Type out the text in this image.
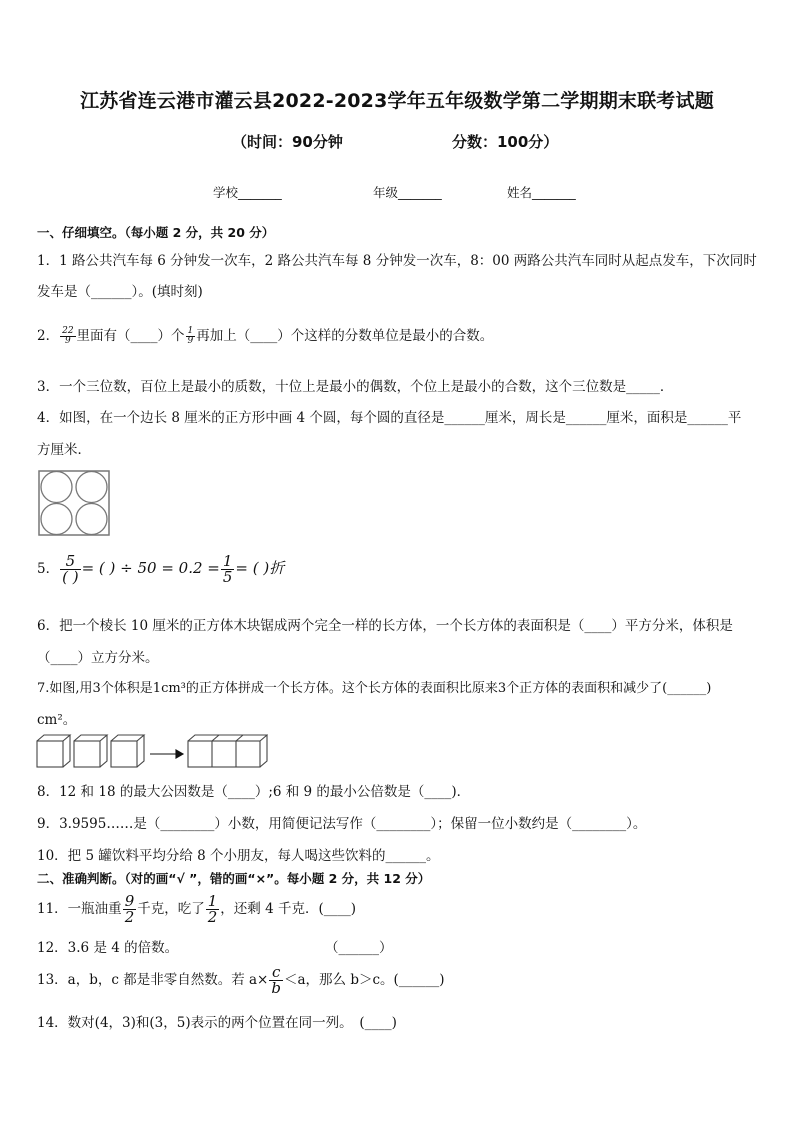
江苏省连云港市灌云县2022-2023学年五年级数学第二学期期末联考试题
（时间：90分钟	分数：100分）
学校_______	年级_______	姓名_______
一、仔细填空。（每小题 2 分，共 20 分）
1．1 路公共汽车每 6 分钟发一次车，2 路公共汽车每 8 分钟发一次车，8：00 两路公共汽车同时从起点发车，下次同时
发车是（______）。(填时刻)
2． $\frac{22}{9}$ 里面有（____）个 $\frac{1}{9}$ 再加上（____）个这样的分数单位是最小的合数。
3．一个三位数，百位上是最小的质数，十位上是最小的偶数，个位上是最小的合数，这个三位数是_____．
4．如图，在一个边长 8 厘米的正方形中画 4 个圆，每个圆的直径是______厘米，周长是______厘米，面积是______平
方厘米．
5． $\frac{5}{( )}$ = ( ) ÷ $50 = 0.2 = \frac{1}{5}$ = ( )折
6．把一个棱长 10 厘米的正方体木块锯成两个完全一样的长方体，一个长方体的表面积是（____）平方分米，体积是
（____）立方分米。
7.如图,用3个体积是1cm³的正方体拼成一个长方体。这个长方体的表面积比原来3个正方体的表面积和减少了(______)
cm²。
8．12 和 18 的最大公因数是（____）;6 和 9 的最小公倍数是（____)．
9．3.9595……是（________）小数，用简便记法写作（________）；保留一位小数约是（________）。
10．把 5 罐饮料平均分给 8 个小朋友，每人喝这些饮料的______。
二、准确判断。（对的画“√ ”，错的画“×”。每小题 2 分，共 12 分）
11．一瓶油重 $\frac{9}{2}$ 千克，吃了 $\frac{1}{2}$ ，还剩 4 千克．(____)
12．3.6 是 4 的倍数。	（______）
13．a，b，c 都是非零自然数。若 $a\times \frac{c}{b} <a$，那么 b＞c。(______)
14．数对(4，3)和(3，5)表示的两个位置在同一列。　(____)
